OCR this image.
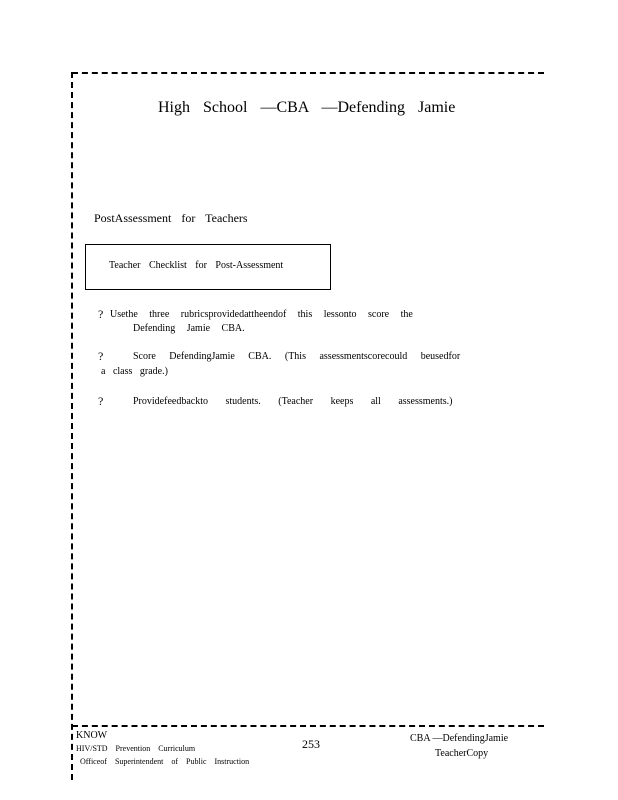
High School —CBA —Defending Jamie
PostAssessment for Teachers
Teacher Checklist for Post-Assessment
? Usethe three rubricsprovidedattheendof this lessonto score the
Defending Jamie CBA.
?	Score DefendingJamie CBA. (This assessmentscorecould beusedfor
a class grade.)
?	Providefeedbackto students. (Teacher keeps all assessments.)
KNOW
HIV/STD Prevention Curriculum
Officeof Superintendent of Public Instruction
253	CBA —DefendingJamie
TeacherCopy
